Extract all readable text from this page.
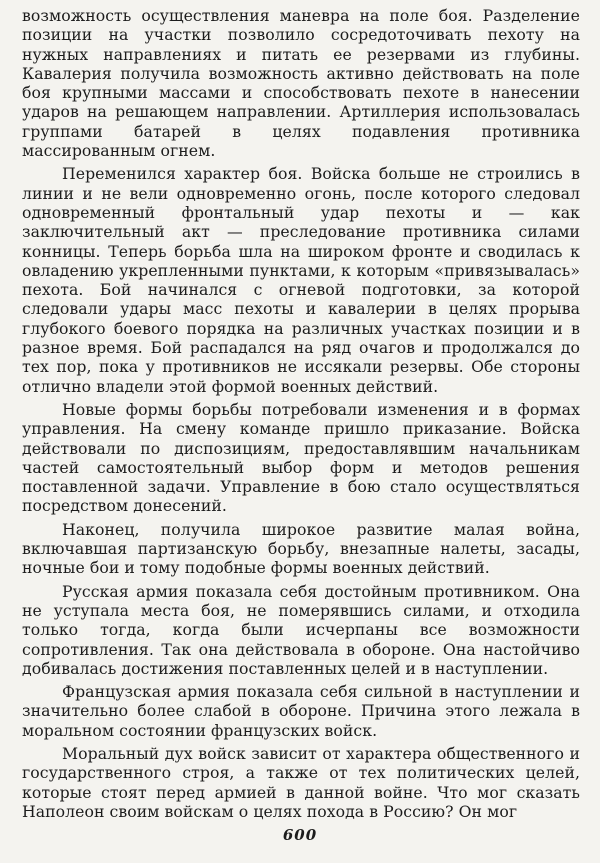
возможность осуществления маневра на поле боя. Разделение позиции на участки позволило сосредоточивать пехоту на нужных направлениях и питать ее резервами из глубины. Кавалерия получила возможность активно действовать на поле боя крупными массами и способствовать пехоте в нанесении ударов на решающем направлении. Артиллерия использовалась группами батарей в целях подавления противника массированным огнем.

Переменился характер боя. Войска больше не строились в линии и не вели одновременно огонь, после которого следовал одновременный фронтальный удар пехоты и — как заключительный акт — преследование противника силами конницы. Теперь борьба шла на широком фронте и сводилась к овладению укрепленными пунктами, к которым «привязывалась» пехота. Бой начинался с огневой подготовки, за которой следовали удары масс пехоты и кавалерии в целях прорыва глубокого боевого порядка на различных участках позиции и в разное время. Бой распадался на ряд очагов и продолжался до тех пор, пока у противников не иссякали резервы. Обе стороны отлично владели этой формой военных действий.

Новые формы борьбы потребовали изменения и в формах управления. На смену команде пришло приказание. Войска действовали по диспозициям, предоставлявшим начальникам частей самостоятельный выбор форм и методов решения поставленной задачи. Управление в бою стало осуществляться посредством донесений.

Наконец, получила широкое развитие малая война, включавшая партизанскую борьбу, внезапные налеты, засады, ночные бои и тому подобные формы военных действий.

Русская армия показала себя достойным противником. Она не уступала места боя, не померявшись силами, и отходила только тогда, когда были исчерпаны все возможности сопротивления. Так она действовала в обороне. Она настойчиво добивалась достижения поставленных целей и в наступлении.

Французская армия показала себя сильной в наступлении и значительно более слабой в обороне. Причина этого лежала в моральном состоянии французских войск.

Моральный дух войск зависит от характера общественного и государственного строя, а также от тех политических целей, которые стоят перед армией в данной войне. Что мог сказать Наполеон своим войскам о целях похода в Россию? Он мог

600
